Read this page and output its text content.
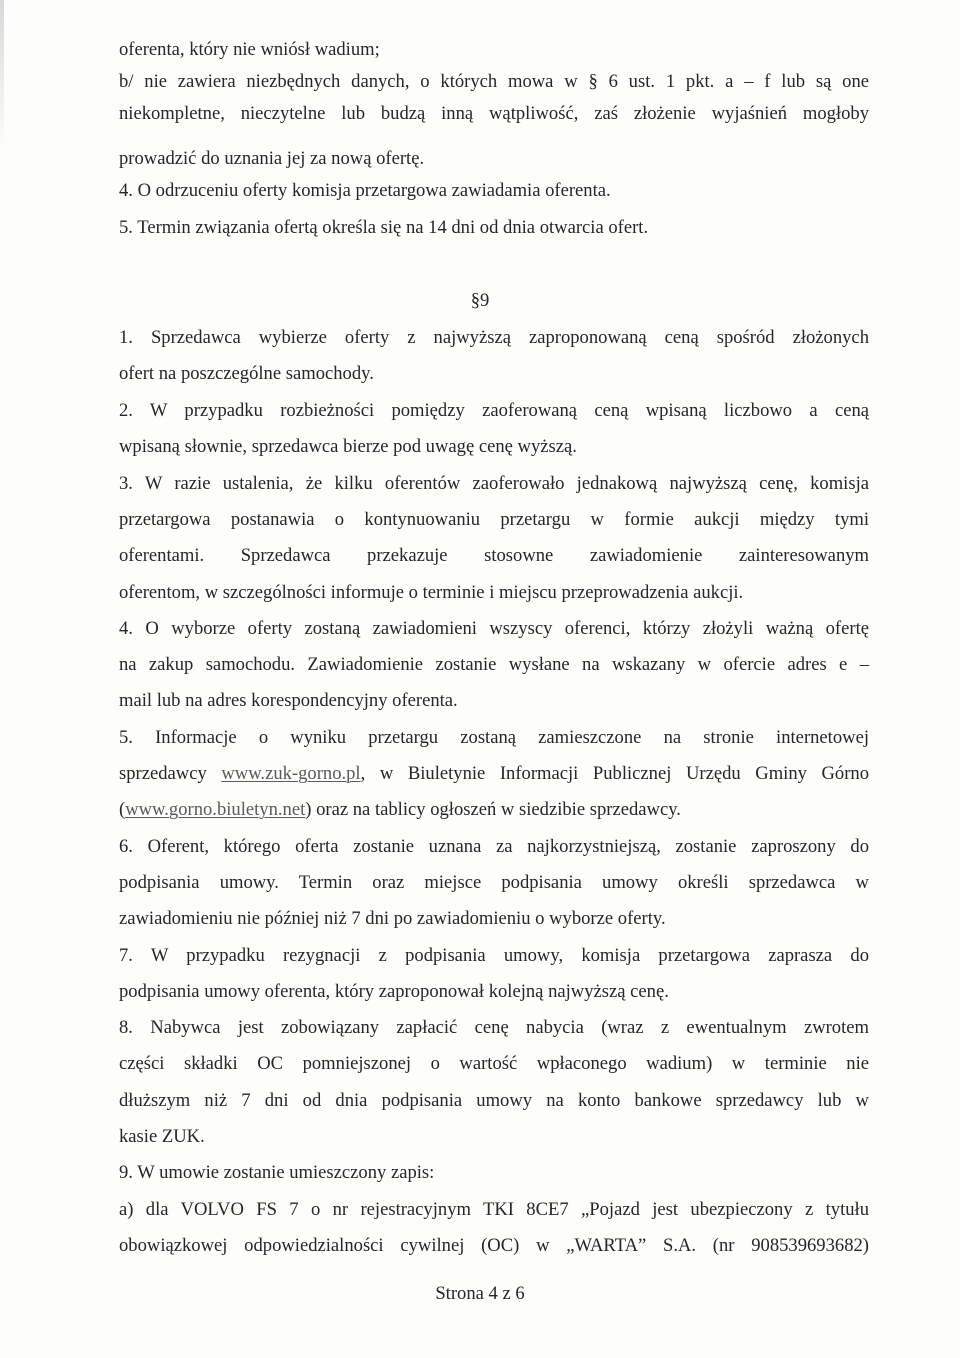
oferenta, który nie wniósł wadium;

b/ nie zawiera niezbędnych danych, o których mowa w § 6 ust. 1 pkt. a – f lub są one

niekompletne, nieczytelne lub budzą inną wątpliwość, zaś złożenie wyjaśnień mogłoby

prowadzić do uznania jej za nową ofertę.

4. O odrzuceniu oferty komisja przetargowa zawiadamia oferenta.

5. Termin związania ofertą określa się na 14 dni od dnia otwarcia ofert.

§9

1. Sprzedawca wybierze oferty z najwyższą zaproponowaną ceną spośród złożonych

ofert na poszczególne samochody.

2. W przypadku rozbieżności pomiędzy zaoferowaną ceną wpisaną liczbowo a ceną

wpisaną słownie, sprzedawca bierze pod uwagę cenę wyższą.

3. W razie ustalenia, że kilku oferentów zaoferowało jednakową najwyższą cenę, komisja

przetargowa postanawia o kontynuowaniu przetargu w formie aukcji między tymi

oferentami. Sprzedawca przekazuje stosowne zawiadomienie zainteresowanym

oferentom, w szczególności informuje o terminie i miejscu przeprowadzenia aukcji.

4. O wyborze oferty zostaną zawiadomieni wszyscy oferenci, którzy złożyli ważną ofertę

na zakup samochodu. Zawiadomienie zostanie wysłane na wskazany w ofercie adres e –

mail lub na adres korespondencyjny oferenta.

5. Informacje o wyniku przetargu zostaną zamieszczone na stronie internetowej

sprzedawcy www.zuk-gorno.pl, w Biuletynie Informacji Publicznej Urzędu Gminy Górno

(www.gorno.biuletyn.net) oraz na tablicy ogłoszeń w siedzibie sprzedawcy.

6. Oferent, którego oferta zostanie uznana za najkorzystniejszą, zostanie zaproszony do

podpisania umowy. Termin oraz miejsce podpisania umowy określi sprzedawca w

zawiadomieniu nie później niż 7 dni po zawiadomieniu o wyborze oferty.

7. W przypadku rezygnacji z podpisania umowy, komisja przetargowa zaprasza do

podpisania umowy oferenta, który zaproponował kolejną najwyższą cenę.

8. Nabywca jest zobowiązany zapłacić cenę nabycia (wraz z ewentualnym zwrotem

części składki OC pomniejszonej o wartość wpłaconego wadium) w terminie nie

dłuższym niż 7 dni od dnia podpisania umowy na konto bankowe sprzedawcy lub w

kasie ZUK.

9. W umowie zostanie umieszczony zapis:

a) dla VOLVO FS 7 o nr rejestracyjnym TKI 8CE7 „Pojazd jest ubezpieczony z tytułu

obowiązkowej odpowiedzialności cywilnej (OC) w „WARTA” S.A. (nr 908539693682)

Strona 4 z 6
